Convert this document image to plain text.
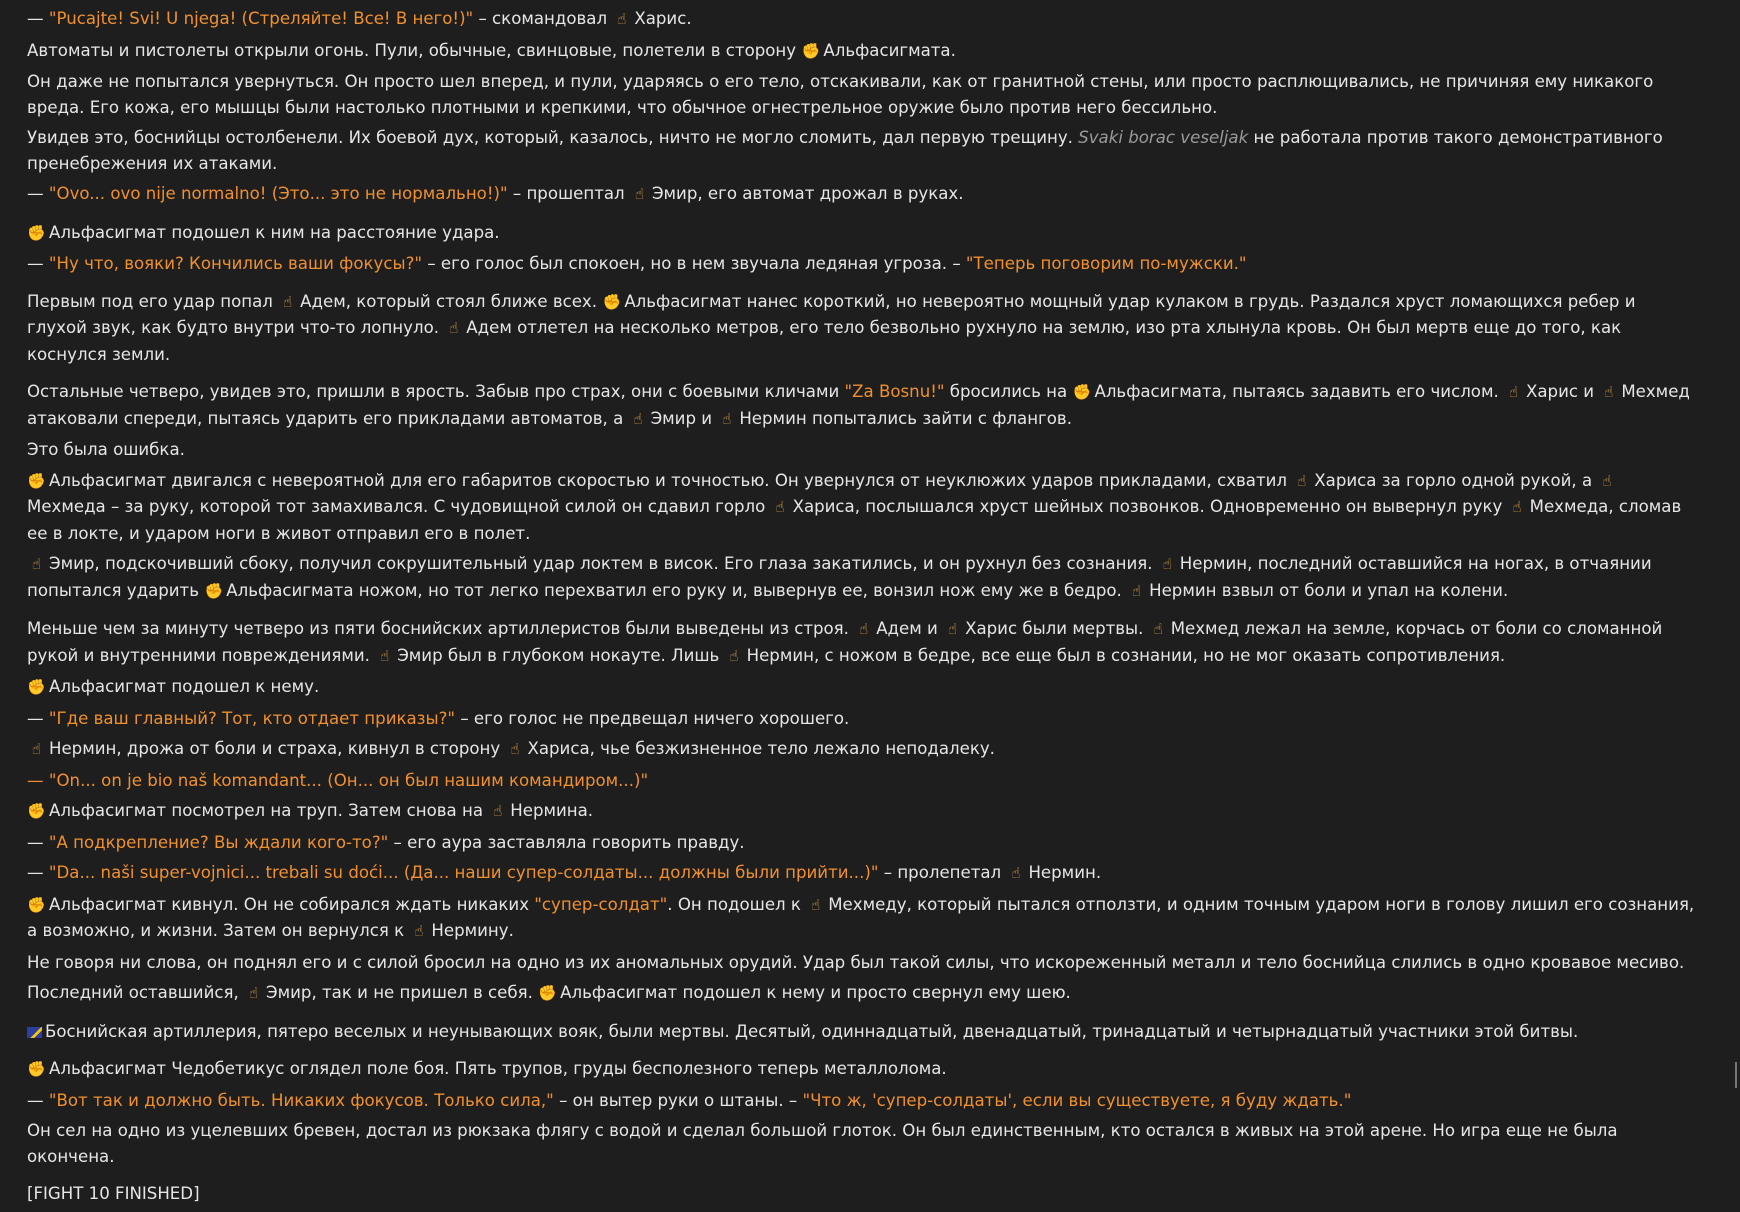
— "Pucajte! Svi! U njega! (Стреляйте! Все! В него!)" – скомандовал ☝ Харис.

Автоматы и пистолеты открыли огонь. Пули, обычные, свинцовые, полетели в сторону ✊ Альфасигмата.

Он даже не попытался увернуться. Он просто шел вперед, и пули, ударяясь о его тело, отскакивали, как от гранитной стены, или просто расплющивались, не причиняя ему никакого вреда. Его кожа, его мышцы были настолько плотными и крепкими, что обычное огнестрельное оружие было против него бессильно.

Увидев это, боснийцы остолбенели. Их боевой дух, который, казалось, ничто не могло сломить, дал первую трещину. Svaki borac veseljak не работала против такого демонстративного пренебрежения их атаками.

— "Ovo... ovo nije normalno! (Это... это не нормально!)" – прошептал ☝ Эмир, его автомат дрожал в руках.

✊ Альфасигмат подошел к ним на расстояние удара.

— "Ну что, вояки? Кончились ваши фокусы?" – его голос был спокоен, но в нем звучала ледяная угроза. – "Теперь поговорим по-мужски."

Первым под его удар попал ☝ Адем, который стоял ближе всех. ✊ Альфасигмат нанес короткий, но невероятно мощный удар кулаком в грудь. Раздался хруст ломающихся ребер и глухой звук, как будто внутри что-то лопнуло. ☝ Адем отлетел на несколько метров, его тело безвольно рухнуло на землю, изо рта хлынула кровь. Он был мертв еще до того, как коснулся земли.

Остальные четверо, увидев это, пришли в ярость. Забыв про страх, они с боевыми кличами "Za Bosnu!" бросились на ✊ Альфасигмата, пытаясь задавить его числом. ☝ Харис и ☝ Мехмед атаковали спереди, пытаясь ударить его прикладами автоматов, а ☝ Эмир и ☝ Нермин попытались зайти с флангов.

Это была ошибка.

✊ Альфасигмат двигался с невероятной для его габаритов скоростью и точностью. Он увернулся от неуклюжих ударов прикладами, схватил ☝ Хариса за горло одной рукой, а ☝Мехмеда – за руку, которой тот замахивался. С чудовищной силой он сдавил горло ☝ Хариса, послышался хруст шейных позвонков. Одновременно он вывернул руку ☝ Мехмеда, сломав ее в локте, и ударом ноги в живот отправил его в полет.

☝ Эмир, подскочивший сбоку, получил сокрушительный удар локтем в висок. Его глаза закатились, и он рухнул без сознания. ☝ Нермин, последний оставшийся на ногах, в отчаянии попытался ударить ✊ Альфасигмата ножом, но тот легко перехватил его руку и, вывернув ее, вонзил нож ему же в бедро. ☝ Нермин взвыл от боли и упал на колени.

Меньше чем за минуту четверо из пяти боснийских артиллеристов были выведены из строя. ☝ Адем и ☝ Харис были мертвы. ☝ Мехмед лежал на земле, корчась от боли со сломанной рукой и внутренними повреждениями. ☝ Эмир был в глубоком нокауте. Лишь ☝ Нермин, с ножом в бедре, все еще был в сознании, но не мог оказать сопротивления.

✊ Альфасигмат подошел к нему.

— "Где ваш главный? Тот, кто отдает приказы?" – его голос не предвещал ничего хорошего.

☝ Нермин, дрожа от боли и страха, кивнул в сторону ☝ Хариса, чье безжизненное тело лежало неподалеку.

— "On... on je bio naš komandant... (Он... он был нашим командиром...)"

✊ Альфасигмат посмотрел на труп. Затем снова на ☝ Нермина.

— "А подкрепление? Вы ждали кого-то?" – его аура заставляла говорить правду.

— "Da... naši super-vojnici... trebali su doći... (Да... наши супер-солдаты... должны были прийти...)" – пролепетал ☝ Нермин.

✊ Альфасигмат кивнул. Он не собирался ждать никаких "супер-солдат". Он подошел к ☝ Мехмеду, который пытался отползти, и одним точным ударом ноги в голову лишил его сознания, а возможно, и жизни. Затем он вернулся к ☝ Нермину.

Не говоря ни слова, он поднял его и с силой бросил на одно из их аномальных орудий. Удар был такой силы, что искореженный металл и тело боснийца слились в одно кровавое месиво.

Последний оставшийся, ☝ Эмир, так и не пришел в себя. ✊ Альфасигмат подошел к нему и просто свернул ему шею.

Боснийская артиллерия, пятеро веселых и неунывающих вояк, были мертвы. Десятый, одиннадцатый, двенадцатый, тринадцатый и четырнадцатый участники этой битвы.

✊ Альфасигмат Чедобетикус оглядел поле боя. Пять трупов, груды бесполезного теперь металлолома.

— "Вот так и должно быть. Никаких фокусов. Только сила," – он вытер руки о штаны. – "Что ж, 'супер-солдаты', если вы существуете, я буду ждать."

Он сел на одно из уцелевших бревен, достал из рюкзака флягу с водой и сделал большой глоток. Он был единственным, кто остался в живых на этой арене. Но игра еще не была окончена.

[FIGHT 10 FINISHED]
